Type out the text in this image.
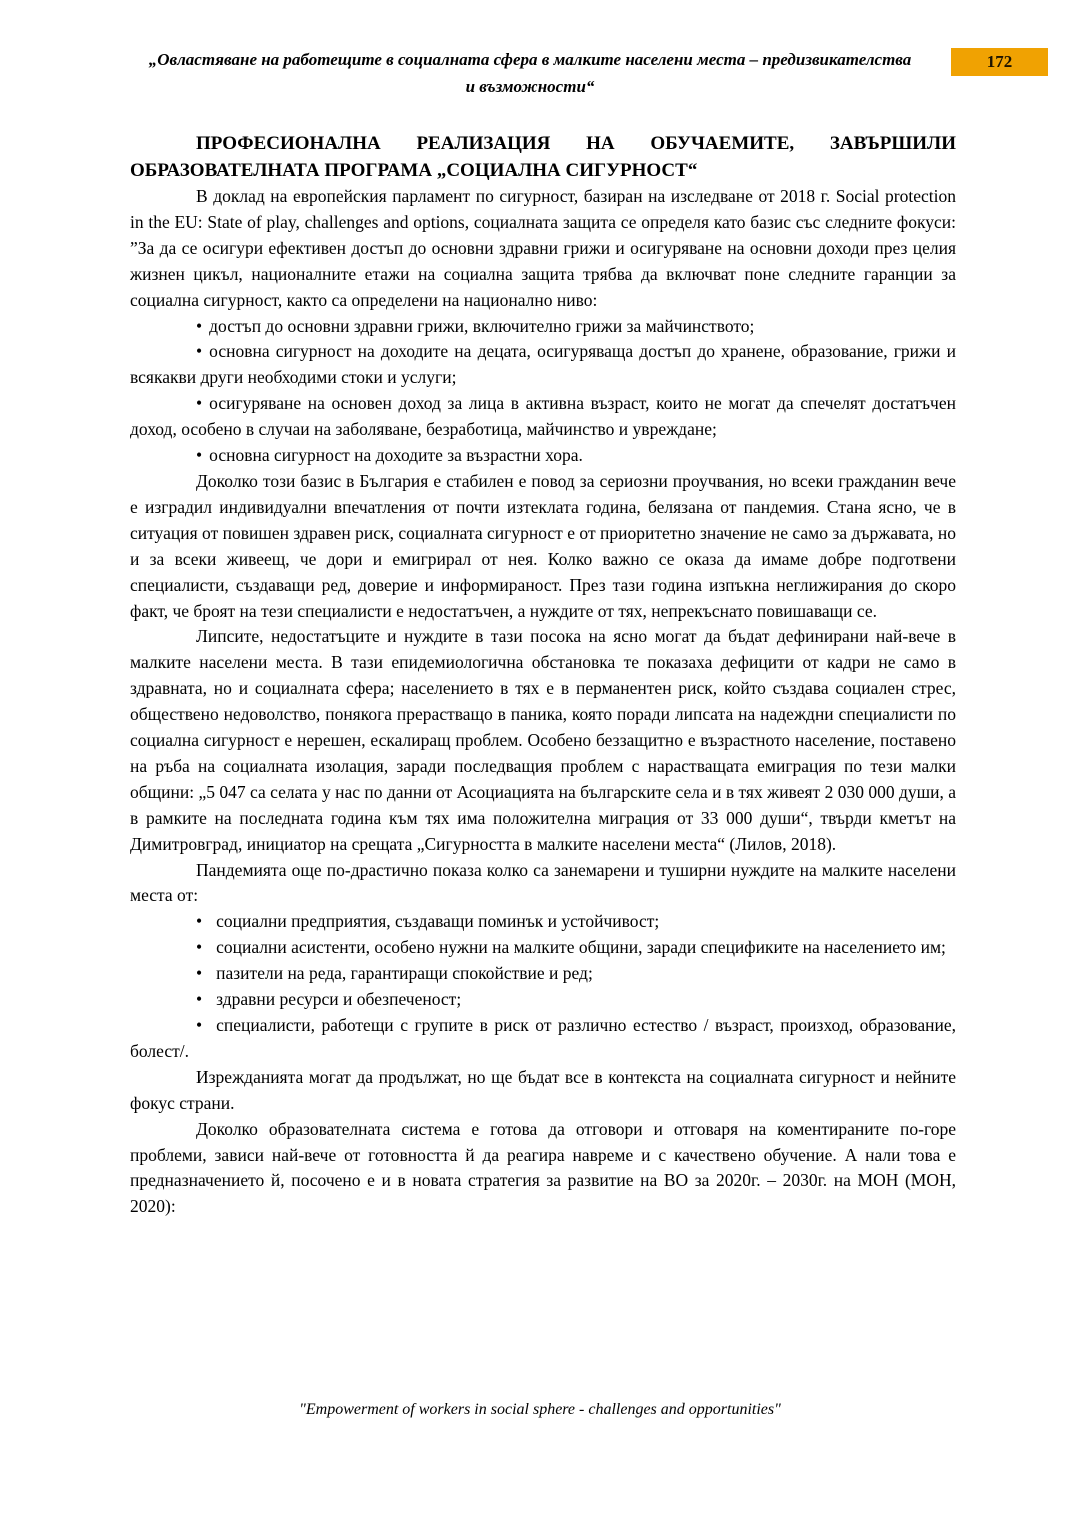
„Овластяване на работещите в социалната сфера в малките населени места – предизвикателства
и възможности“
172

ПРОФЕСИОНАЛНА РЕАЛИЗАЦИЯ НА ОБУЧАЕМИТЕ, ЗАВЪРШИЛИ ОБРАЗОВАТЕЛНАТА ПРОГРАМА „СОЦИАЛНА СИГУРНОСТ“

В доклад на европейския парламент по сигурност, базиран на изследване от 2018 г. Social protection in the EU: State of play, challenges and options, социалната защита се определя като базис със следните фокуси: ”За да се осигури ефективен достъп до основни здравни грижи и осигуряване на основни доходи през целия жизнен цикъл, националните етажи на социална защита трябва да включват поне следните гаранции за социална сигурност, както са определени на национално ниво:

• достъп до основни здравни грижи, включително грижи за майчинството;

• основна сигурност на доходите на децата, осигуряваща достъп до хранене, образование, грижи и всякакви други необходими стоки и услуги;

• осигуряване на основен доход за лица в активна възраст, които не могат да спечелят достатъчен доход, особено в случаи на заболяване, безработица, майчинство и увреждане;

• основна сигурност на доходите за възрастни хора.

Доколко този базис в България е стабилен е повод за сериозни проучвания, но всеки гражданин вече е изградил индивидуални впечатления от почти изтеклата година, белязана от пандемия. Стана ясно, че в ситуация от повишен здравен риск, социалната сигурност е от приоритетно значение не само за държавата, но и за всеки живеещ, че дори и емигрирал от нея. Колко важно се оказа да имаме добре подготвени специалисти, създаващи ред, доверие и информираност. През тази година изпъкна неглижирания до скоро факт, че броят на тези специалисти е недостатъчен, а нуждите от тях, непрекъснато повишаващи се.

Липсите, недостатъците и нуждите в тази посока на ясно могат да бъдат дефинирани най-вече в малките населени места. В тази епидемиологична обстановка те показаха дефицити от кадри не само в здравната, но и социалната сфера; населението в тях е в перманентен риск, който създава социален стрес, обществено недоволство, понякога прерастващо в паника, която поради липсата на надеждни специалисти по социална сигурност е нерешен, ескалиращ проблем. Особено беззащитно е възрастното население, поставено на ръба на социалната изолация, заради последващия проблем с нарастващата емиграция по тези малки общини: „5 047 са селата у нас по данни от Асоциацията на българските села и в тях живеят 2 030 000 души, а в рамките на последната година към тях има положителна миграция от 33 000 души“, твърди кметът на Димитровград, инициатор на срещата „Сигурността в малките населени места“ (Лилов, 2018).

Пандемията още по-драстично показа колко са занемарени и туширни нуждите на малките населени места от:

• социални предприятия, създаващи поминък и устойчивост;

• социални асистенти, особено нужни на малките общини, заради спецификите на населението им;

• пазители на реда, гарантиращи спокойствие и ред;

• здравни ресурси и обезпеченост;

• специалисти, работещи с групите в риск от различно естество / възраст, произход, образование, болест/.

Изрежданията могат да продължат, но ще бъдат все в контекста на социалната сигурност и нейните фокус страни.

Доколко образователната система е готова да отговори и отговаря на коментираните по-горе проблеми, зависи най-вече от готовността й да реагира навреме и с качествено обучение. А нали това е предназначението й, посочено е и в новата стратегия за развитие на ВО за 2020г. – 2030г. на МОН (МОН, 2020):

"Empowerment of workers in social sphere - challenges and opportunities"
